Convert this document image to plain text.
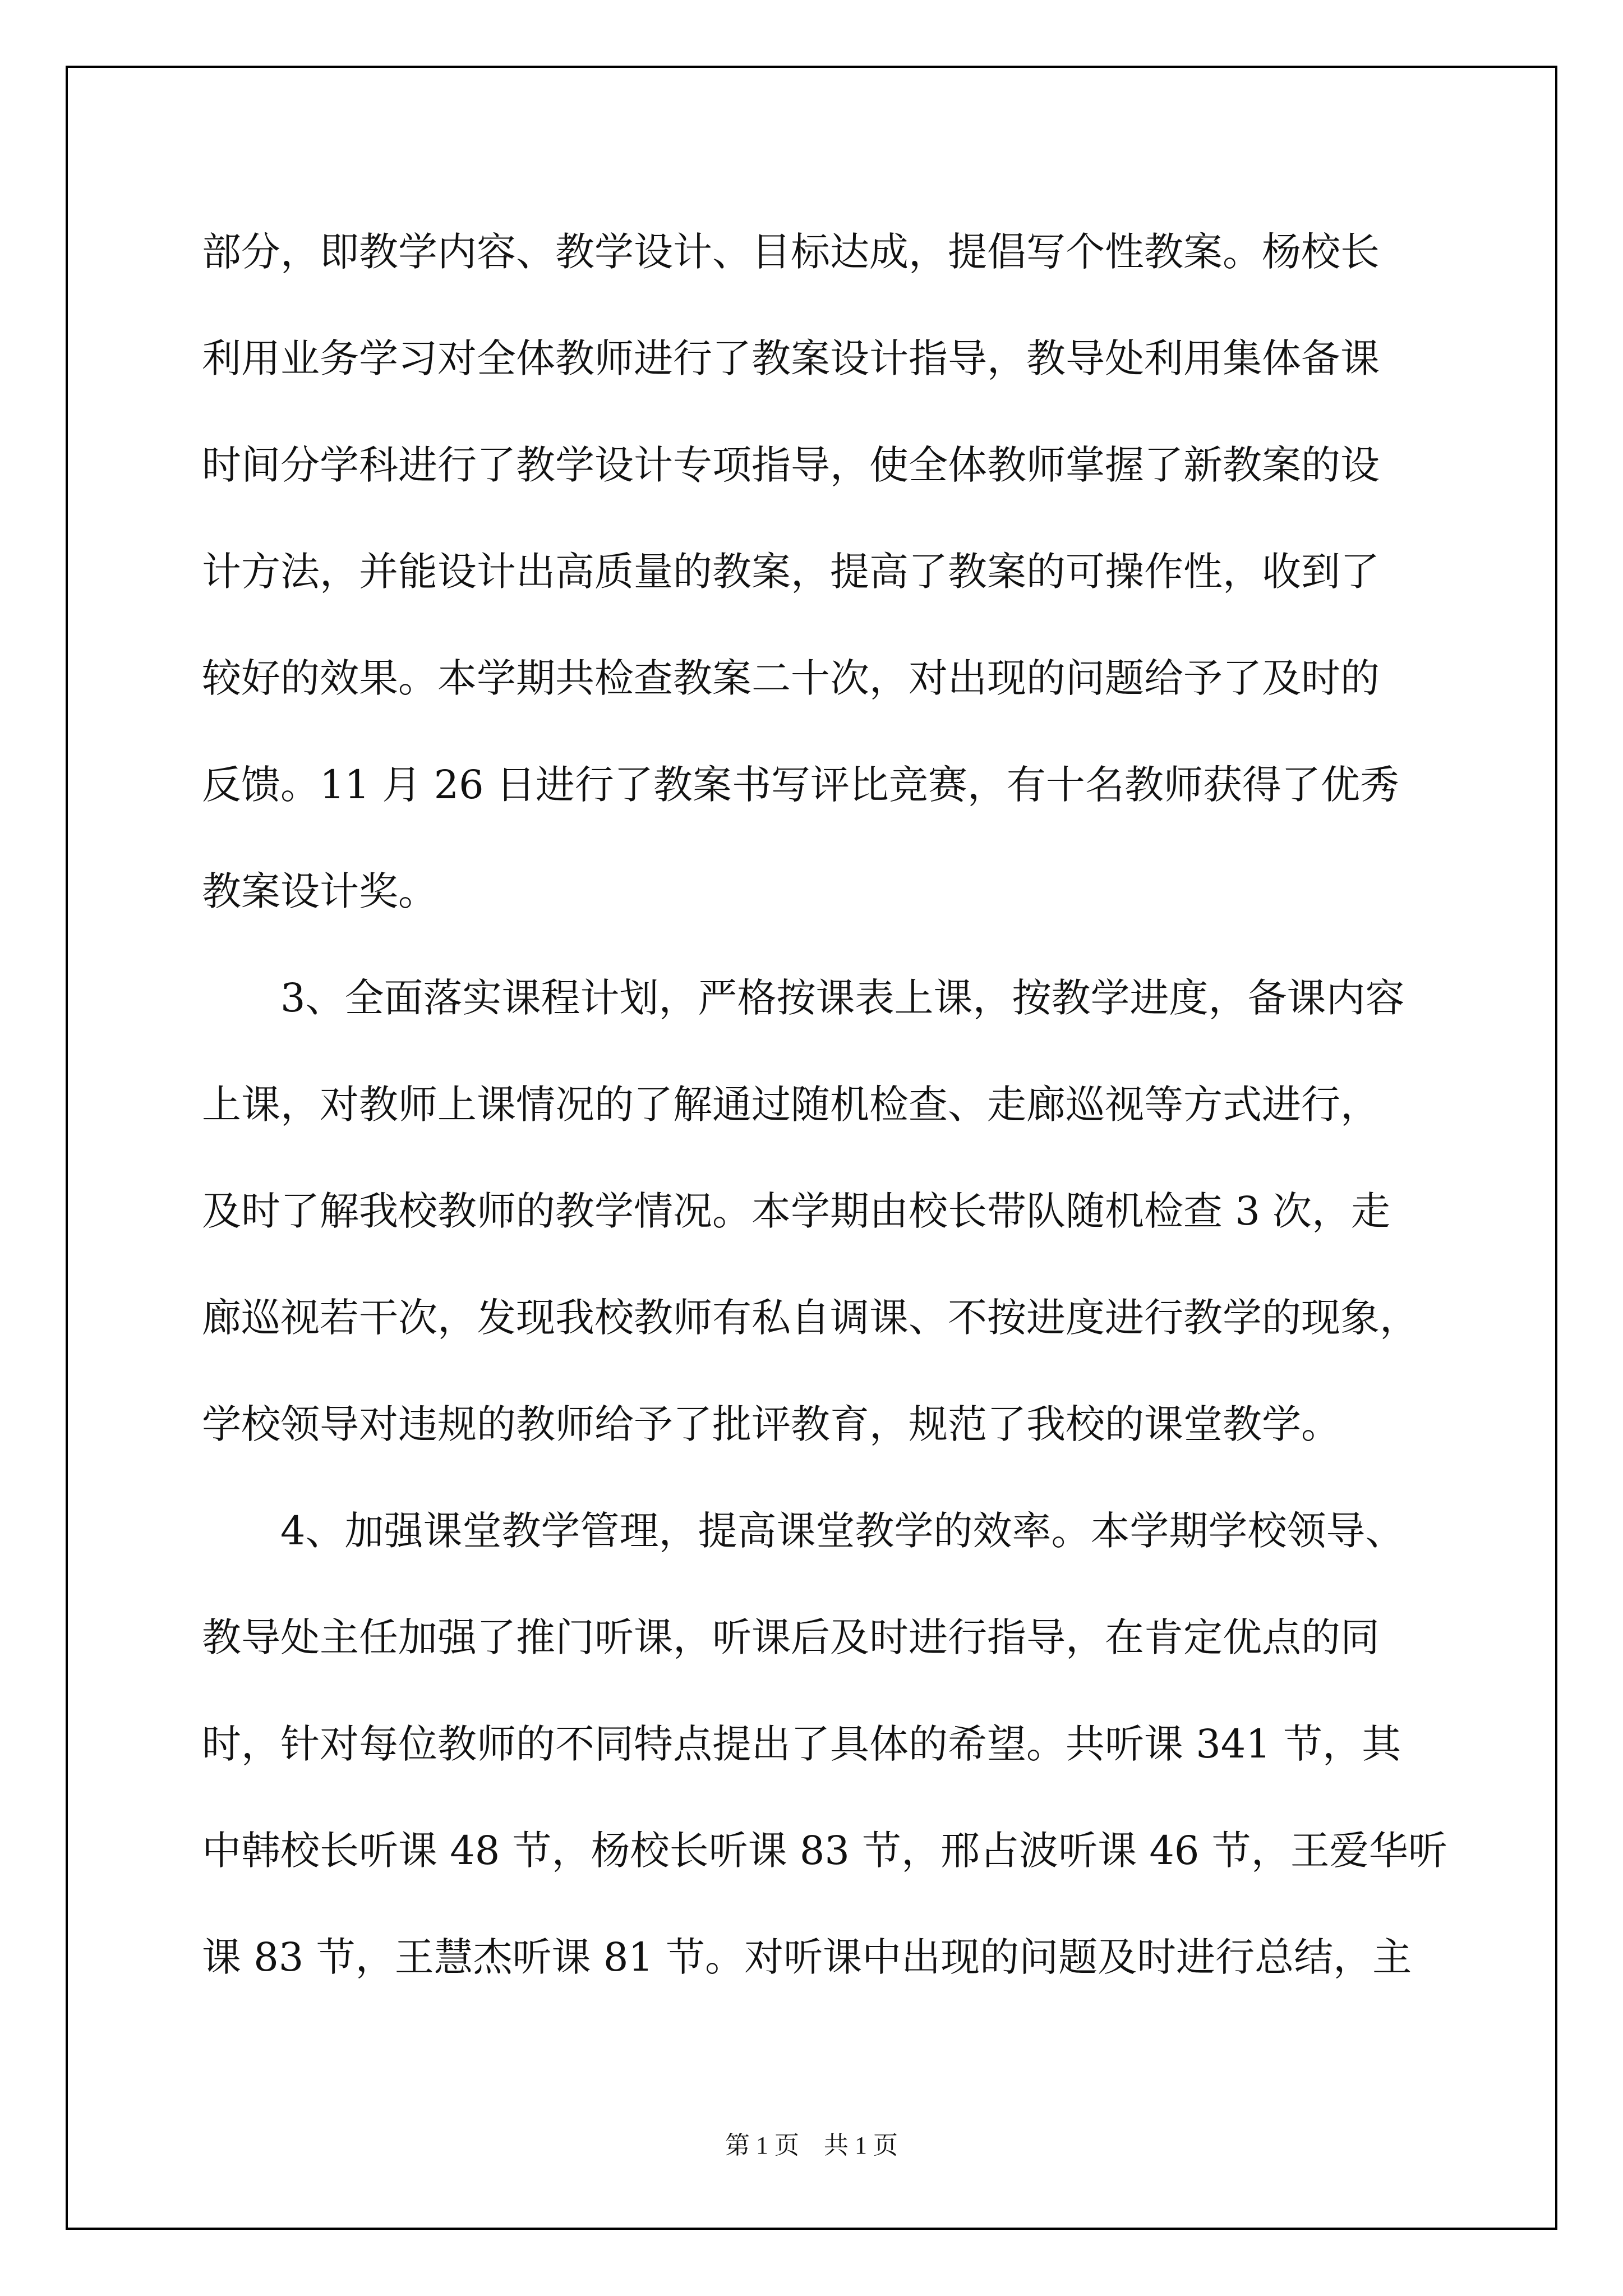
部分，即教学内容、教学设计、目标达成，提倡写个性教案。杨校长
利用业务学习对全体教师进行了教案设计指导，教导处利用集体备课
时间分学科进行了教学设计专项指导，使全体教师掌握了新教案的设
计方法，并能设计出高质量的教案，提高了教案的可操作性，收到了
较好的效果。本学期共检查教案二十次，对出现的问题给予了及时的
反馈。11 月 26 日进行了教案书写评比竞赛，有十名教师获得了优秀
教案设计奖。
3、全面落实课程计划，严格按课表上课，按教学进度，备课内容
上课，对教师上课情况的了解通过随机检查、走廊巡视等方式进行，
及时了解我校教师的教学情况。本学期由校长带队随机检查 3 次，走
廊巡视若干次，发现我校教师有私自调课、不按进度进行教学的现象，
学校领导对违规的教师给予了批评教育，规范了我校的课堂教学。
4、加强课堂教学管理，提高课堂教学的效率。本学期学校领导、
教导处主任加强了推门听课，听课后及时进行指导，在肯定优点的同
时，针对每位教师的不同特点提出了具体的希望。共听课 341 节，其
中韩校长听课 48 节，杨校长听课 83 节，邢占波听课 46 节，王爱华听
课 83 节，王慧杰听课 81 节。对听课中出现的问题及时进行总结，主
第 1 页 共 1 页
